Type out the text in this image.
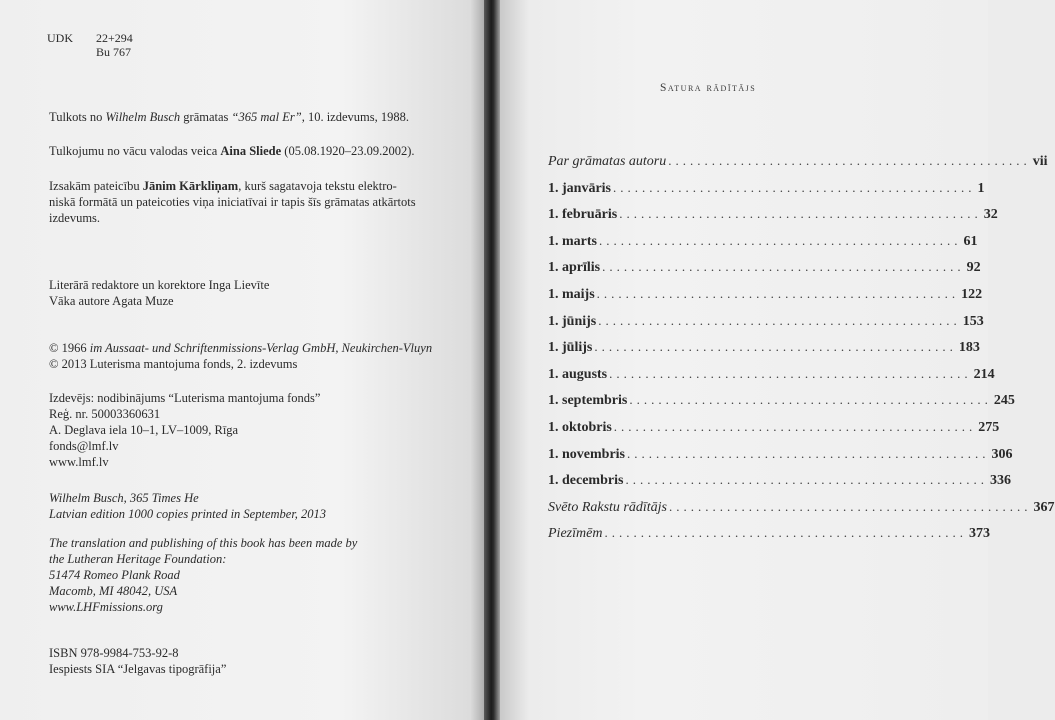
UDK 22+294
Bu 767
Tulkots no Wilhelm Busch grāmatas “365 mal Er”, 10. izdevums, 1988.
Tulkojumu no vācu valodas veica Aina Sliede (05.08.1920–23.09.2002).
Izsakām pateicību Jānim Kārkliņam, kurš sagatavoja tekstu elektro-
niskā formātā un pateicoties viņa iniciatīvai ir tapis šīs grāmatas atkārtots
izdevums.
Literārā redaktore un korektore Inga Lievīte
Vāka autore Agata Muze
© 1966 im Aussaat- und Schriftenmissions-Verlag GmbH, Neukirchen-Vluyn
© 2013 Luterisma mantojuma fonds, 2. izdevums
Izdevējs: nodibinājums “Luterisma mantojuma fonds”
Reģ. nr. 50003360631
A. Deglava iela 10–1, LV–1009, Rīga
fonds@lmf.lv
www.lmf.lv
Wilhelm Busch, 365 Times He
Latvian edition 1000 copies printed in September, 2013
The translation and publishing of this book has been made by
the Lutheran Heritage Foundation:
51474 Romeo Plank Road
Macomb, MI 48042, USA
www.LHFmissions.org
ISBN 978-9984-753-92-8
Iespiests SIA “Jelgavas tipogrāfija”
Satura rādītājs
Par grāmatas autoru .................................................. vii
1. janvāris .................................................. 1
1. februāris .................................................. 32
1. marts .................................................. 61
1. aprīlis .................................................. 92
1. maijs .................................................. 122
1. jūnijs .................................................. 153
1. jūlijs .................................................. 183
1. augusts .................................................. 214
1. septembris .................................................. 245
1. oktobris .................................................. 275
1. novembris .................................................. 306
1. decembris .................................................. 336
Svēto Rakstu rādītājs .................................................. 367
Piezīmēm .................................................. 373
